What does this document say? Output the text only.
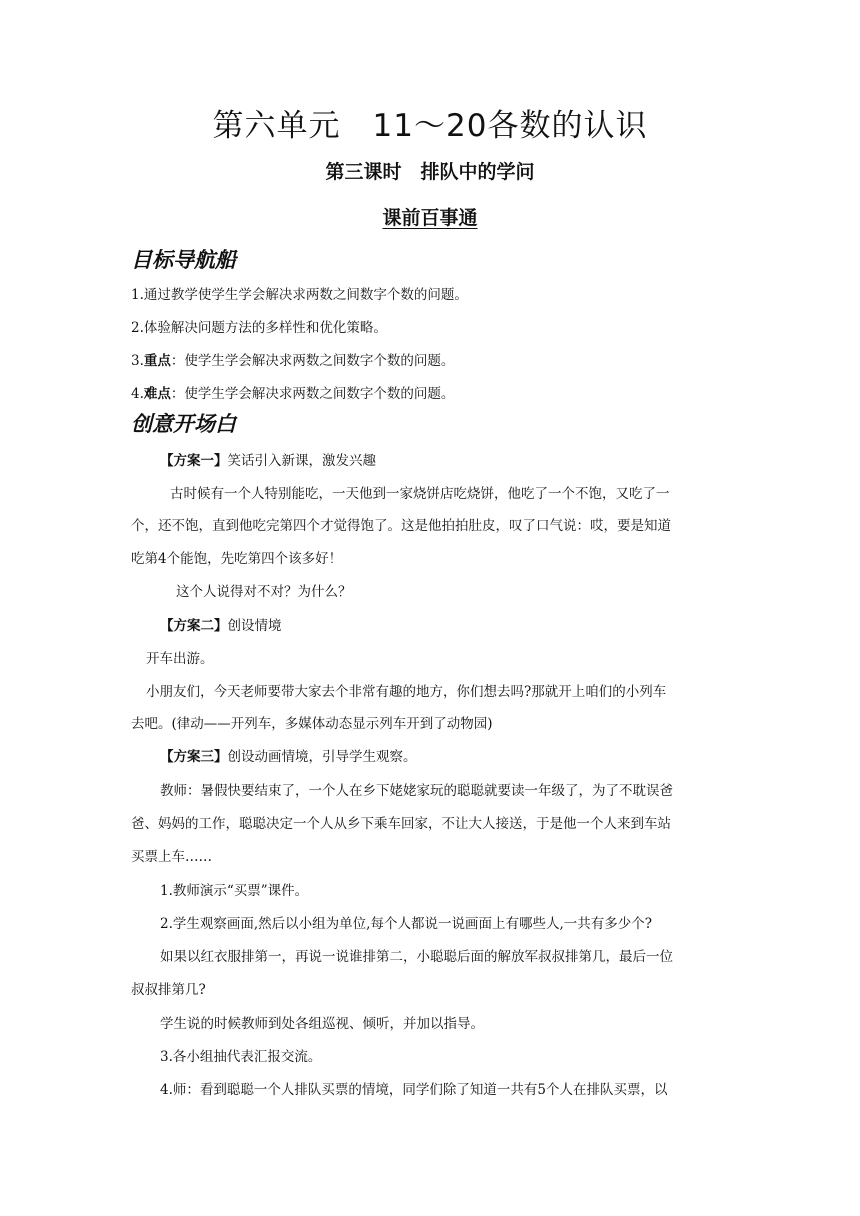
第六单元　11～20各数的认识
第三课时　排队中的学问
课前百事通
目标导航船

1.通过教学使学生学会解决求两数之间数字个数的问题。

2.体验解决问题方法的多样性和优化策略。

3.重点：使学生学会解决求两数之间数字个数的问题。

4.难点：使学生学会解决求两数之间数字个数的问题。

创意开场白

【方案一】笑话引入新课，激发兴趣

古时候有一个人特别能吃，一天他到一家烧饼店吃烧饼，他吃了一个不饱，又吃了一

个，还不饱，直到他吃完第四个才觉得饱了。这是他拍拍肚皮，叹了口气说：哎，要是知道

吃第4个能饱，先吃第四个该多好！

这个人说得对不对？为什么？

【方案二】创设情境

开车出游。

小朋友们，今天老师要带大家去个非常有趣的地方，你们想去吗?那就开上咱们的小列车

去吧。(律动——开列车，多媒体动态显示列车开到了动物园)

【方案三】创设动画情境，引导学生观察。

教师：暑假快要结束了，一个人在乡下姥姥家玩的聪聪就要读一年级了，为了不耽误爸

爸、妈妈的工作，聪聪决定一个人从乡下乘车回家，不让大人接送，于是他一个人来到车站

买票上车……

1.教师演示“买票”课件。

2.学生观察画面,然后以小组为单位,每个人都说一说画面上有哪些人,一共有多少个?

如果以红衣服排第一，再说一说谁排第二，小聪聪后面的解放军叔叔排第几，最后一位

叔叔排第几?

学生说的时候教师到处各组巡视、倾听，并加以指导。

3.各小组抽代表汇报交流。

4.师：看到聪聪一个人排队买票的情境，同学们除了知道一共有5个人在排队买票，以
